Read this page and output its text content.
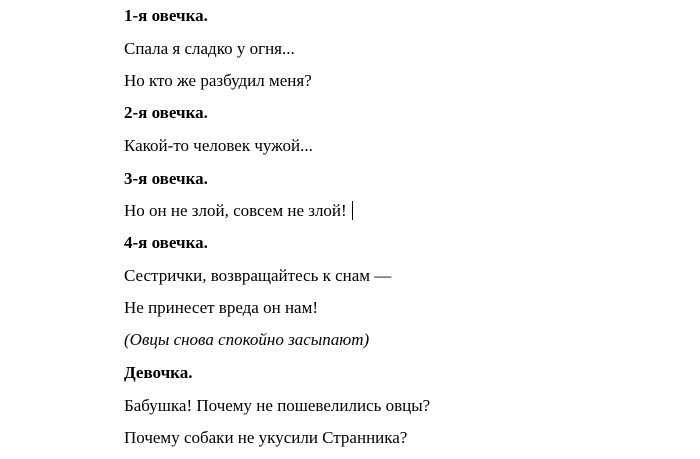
1-я овечка.
Спала я сладко у огня...
Но кто же разбудил меня?
2-я овечка.
Какой-то человек чужой...
3-я овечка.
Но он не злой, совсем не злой!
4-я овечка.
Сестрички, возвращайтесь к снам —
Не принесет вреда он нам!
(Овцы снова спокойно засыпают)
Девочка.
Бабушка! Почему не пошевелились овцы?
Почему собаки не укусили Странника?
